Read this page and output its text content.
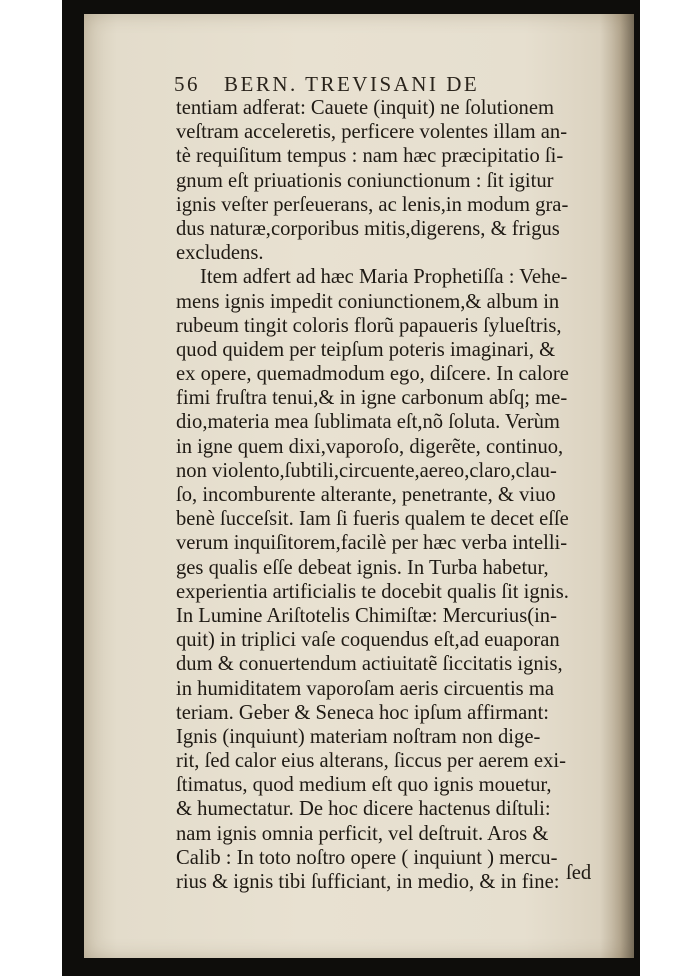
56 BERN. TREVISANI DE
tentiam adferat: Cauete (inquit) ne ſolutionem
veſtram acceleretis, perficere volentes illam an-
tè requiſitum tempus : nam hæc præcipitatio ſi-
gnum eſt priuationis coniunctionum : ſit igitur
ignis veſter perſeuerans, ac lenis,in modum gra-
dus naturæ,corporibus mitis,digerens, & frigus
excludens.
Item adfert ad hæc Maria Prophetiſſa : Vehe-
mens ignis impedit coniunctionem,& album in
rubeum tingit coloris florũ papaueris ſylueſtris,
quod quidem per teipſum poteris imaginari, &
ex opere, quemadmodum ego, diſcere. In calore
fimi fruſtra tenui,& in igne carbonum abſq; me-
dio,materia mea ſublimata eſt,nõ ſoluta. Verùm
in igne quem dixi,vaporoſo, digerẽte, continuo,
non violento,ſubtili,circuente,aereo,claro,clau-
ſo, incomburente alterante, penetrante, & viuo
benè ſucceſsit. Iam ſi fueris qualem te decet eſſe
verum inquiſitorem,facilè per hæc verba intelli-
ges qualis eſſe debeat ignis. In Turba habetur,
experientia artificialis te docebit qualis ſit ignis.
In Lumine Ariſtotelis Chimiſtæ: Mercurius(in-
quit) in triplici vaſe coquendus eſt,ad euaporan
dum & conuertendum actiuitatẽ ſiccitatis ignis,
in humiditatem vaporoſam aeris circuentis ma
teriam. Geber & Seneca hoc ipſum affirmant:
Ignis (inquiunt) materiam noſtram non dige-
rit, ſed calor eius alterans, ſiccus per aerem exi-
ſtimatus, quod medium eſt quo ignis mouetur,
& humectatur. De hoc dicere hactenus diſtuli:
nam ignis omnia perficit, vel deſtruit. Aros &
Calib : In toto noſtro opere ( inquiunt ) mercu-
rius & ignis tibi ſufficiant, in medio, & in fine: ſed
